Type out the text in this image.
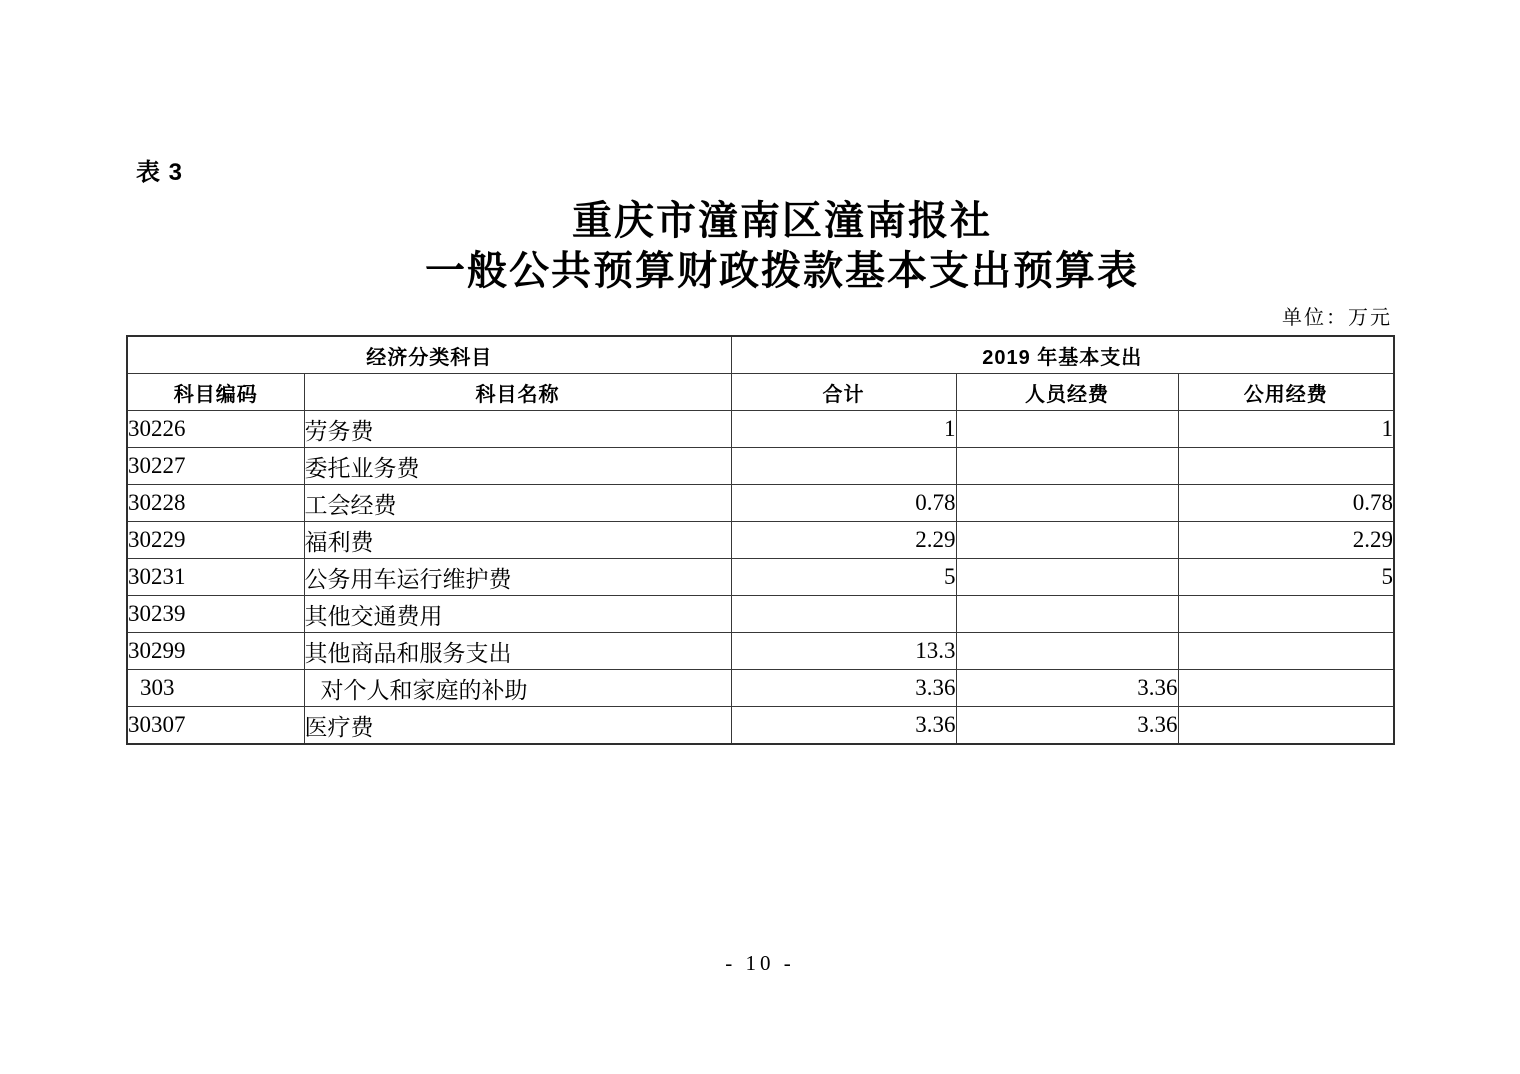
表 3
重庆市潼南区潼南报社
一般公共预算财政拨款基本支出预算表
单位：万元
经济分类科目		2019 年基本支出		
科目编码	科目名称	合计	人员经费	公用经费
30226	劳务费	1		1
30227	委托业务费			
30228	工会经费	0.78		0.78
30229	福利费	2.29		2.29
30231	公务用车运行维护费	5		5
30239	其他交通费用			
30299	其他商品和服务支出	13.3		
303	对个人和家庭的补助	3.36	3.36	
30307	医疗费	3.36	3.36	
- 10 -
